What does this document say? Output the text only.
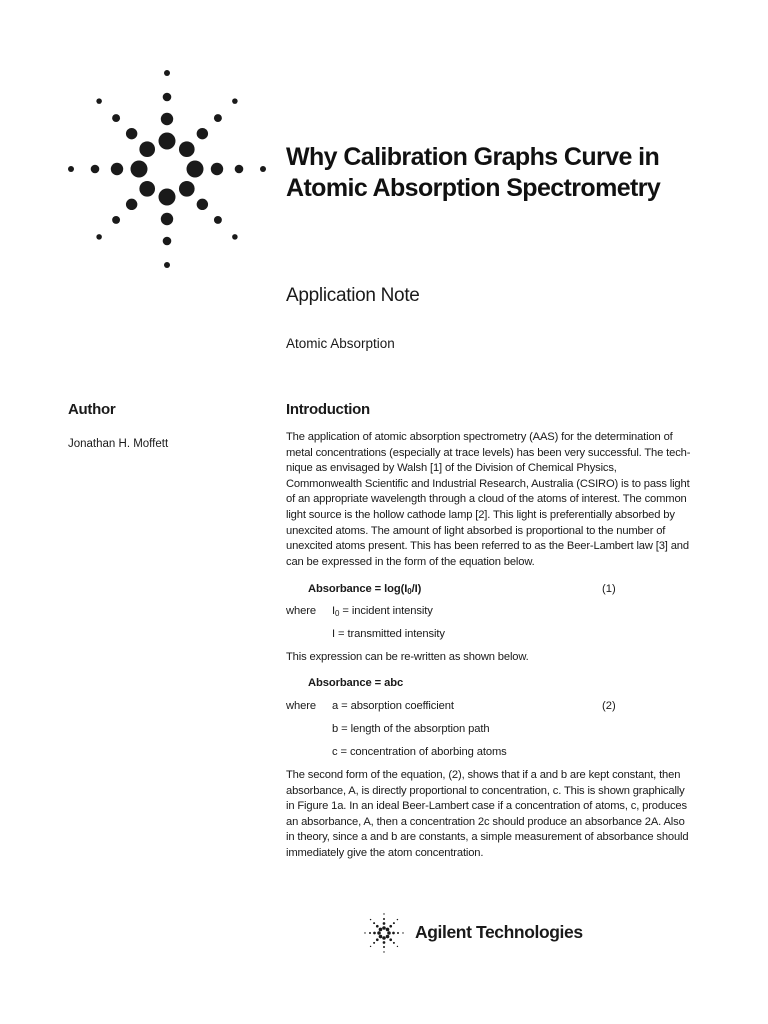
Why Calibration Graphs Curve in
Atomic Absorption Spectrometry
Application Note
Atomic Absorption
Author
Jonathan H. Moffett
Introduction
The application of atomic absorption spectrometry (AAS) for the determination of
metal concentrations (especially at trace levels) has been very successful. The tech-
nique as envisaged by Walsh [1] of the Division of Chemical Physics,
Commonwealth Scientific and Industrial Research, Australia (CSIRO) is to pass light
of an appropriate wavelength through a cloud of the atoms of interest. The common
light source is the hollow cathode lamp [2]. This light is preferentially absorbed by
unexcited atoms. The amount of light absorbed is proportional to the number of
unexcited atoms present. This has been referred to as the Beer-Lambert law [3] and
can be expressed in the form of the equation below.
Absorbance = $\log(I_0/I)$	(1)
where $I_0$ = incident intensity
I = transmitted intensity
This expression can be re-written as shown below.
Absorbance = abc
where a = absorption coefficient	(2)
b = length of the absorption path
c = concentration of aborbing atoms
The second form of the equation, (2), shows that if a and b are kept constant, then
absorbance, A, is directly proportional to concentration, c. This is shown graphically
in Figure 1a. In an ideal Beer-Lambert case if a concentration of atoms, c, produces
an absorbance, A, then a concentration 2c should produce an absorbance 2A. Also
in theory, since a and b are constants, a simple measurement of absorbance should
immediately give the atom concentration.
Agilent Technologies
